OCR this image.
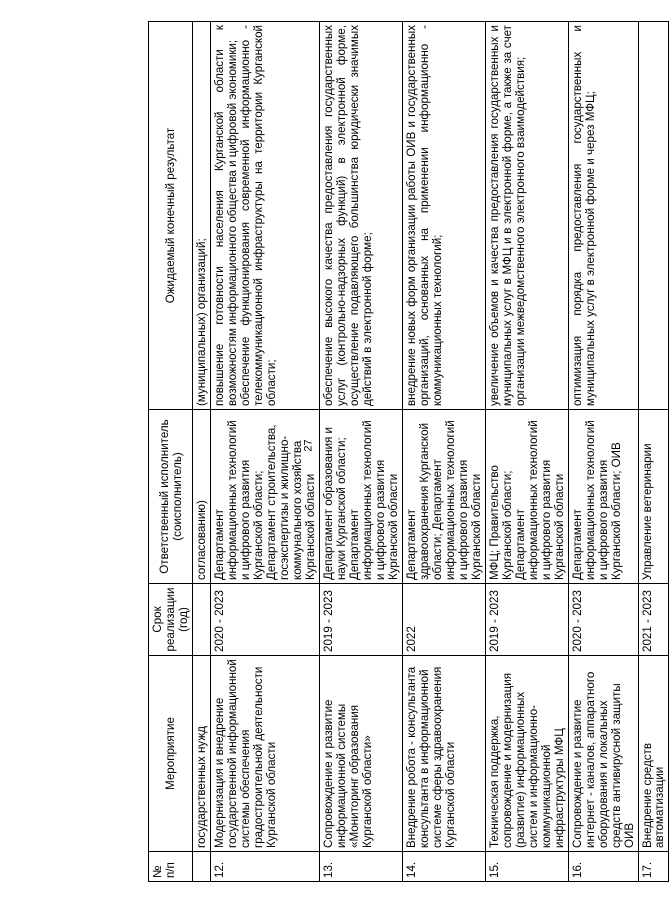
27
№ п/п	Мероприятие	Срок реализации (год)	Ответственный исполнитель (соисполнитель)	Ожидаемый конечный результат
	государственных нужд		согласованию)	(муниципальных) организаций;

12.	Модернизация и внедрение государственной информационной системы обеспечения градостроительной деятельности Курганской области	2020 - 2023	Департамент информационных технологий и цифрового развития Курганской области; Департамент строительства, госэкспертизы и жилищно-коммунального хозяйства Курганской области	повышение готовности населения Курганской области к возможностям информационного общества и цифровой экономики; обеспечение функционирования современной информационно - телекоммуникационной инфраструктуры на территории Курганской области;

13.	Сопровождение и развитие информационной системы «Мониторинг образования Курганской области»	2019 - 2023	Департамент образования и науки Курганской области; Департамент информационных технологий и цифрового развития Курганской области	обеспечение высокого качества предоставления государственных услуг (контрольно-надзорных функций) в электронной форме, осуществление подавляющего большинства юридически значимых действий в электронной форме;

14.	Внедрение робота - консультанта консультанта в информационной системе сферы здравоохранения Курганской области	2022	Департамент здравоохранения Курганской области; Департамент информационных технологий и цифрового развития Курганской области	внедрение новых форм организации работы ОИВ и государственных организаций, основанных на применении информационно - коммуникационных технологий;

15.	Техническая поддержка, сопровождение и модернизация (развитие) информационных систем и информационно-коммуникационной инфраструктуры МФЦ	2019 - 2023	МФЦ; Правительство Курганской области; Департамент информационных технологий и цифрового развития Курганской области	увеличение объемов и качества предоставления государственных и муниципальных услуг в МФЦ и в электронной форме, а также за счет организации межведомственного электронного взаимодействия;

16.	Сопровождение и развитие интернет - каналов, аппаратного оборудования и локальных средств антивирусной защиты ОИВ	2020 - 2023	Департамент информационных технологий и цифрового развития Курганской области; ОИВ	оптимизация порядка предоставления государственных и муниципальных услуг в электронной форме и через МФЦ;

17.	Внедрение средств автоматизации	2021 - 2023	Управление ветеринарии	
